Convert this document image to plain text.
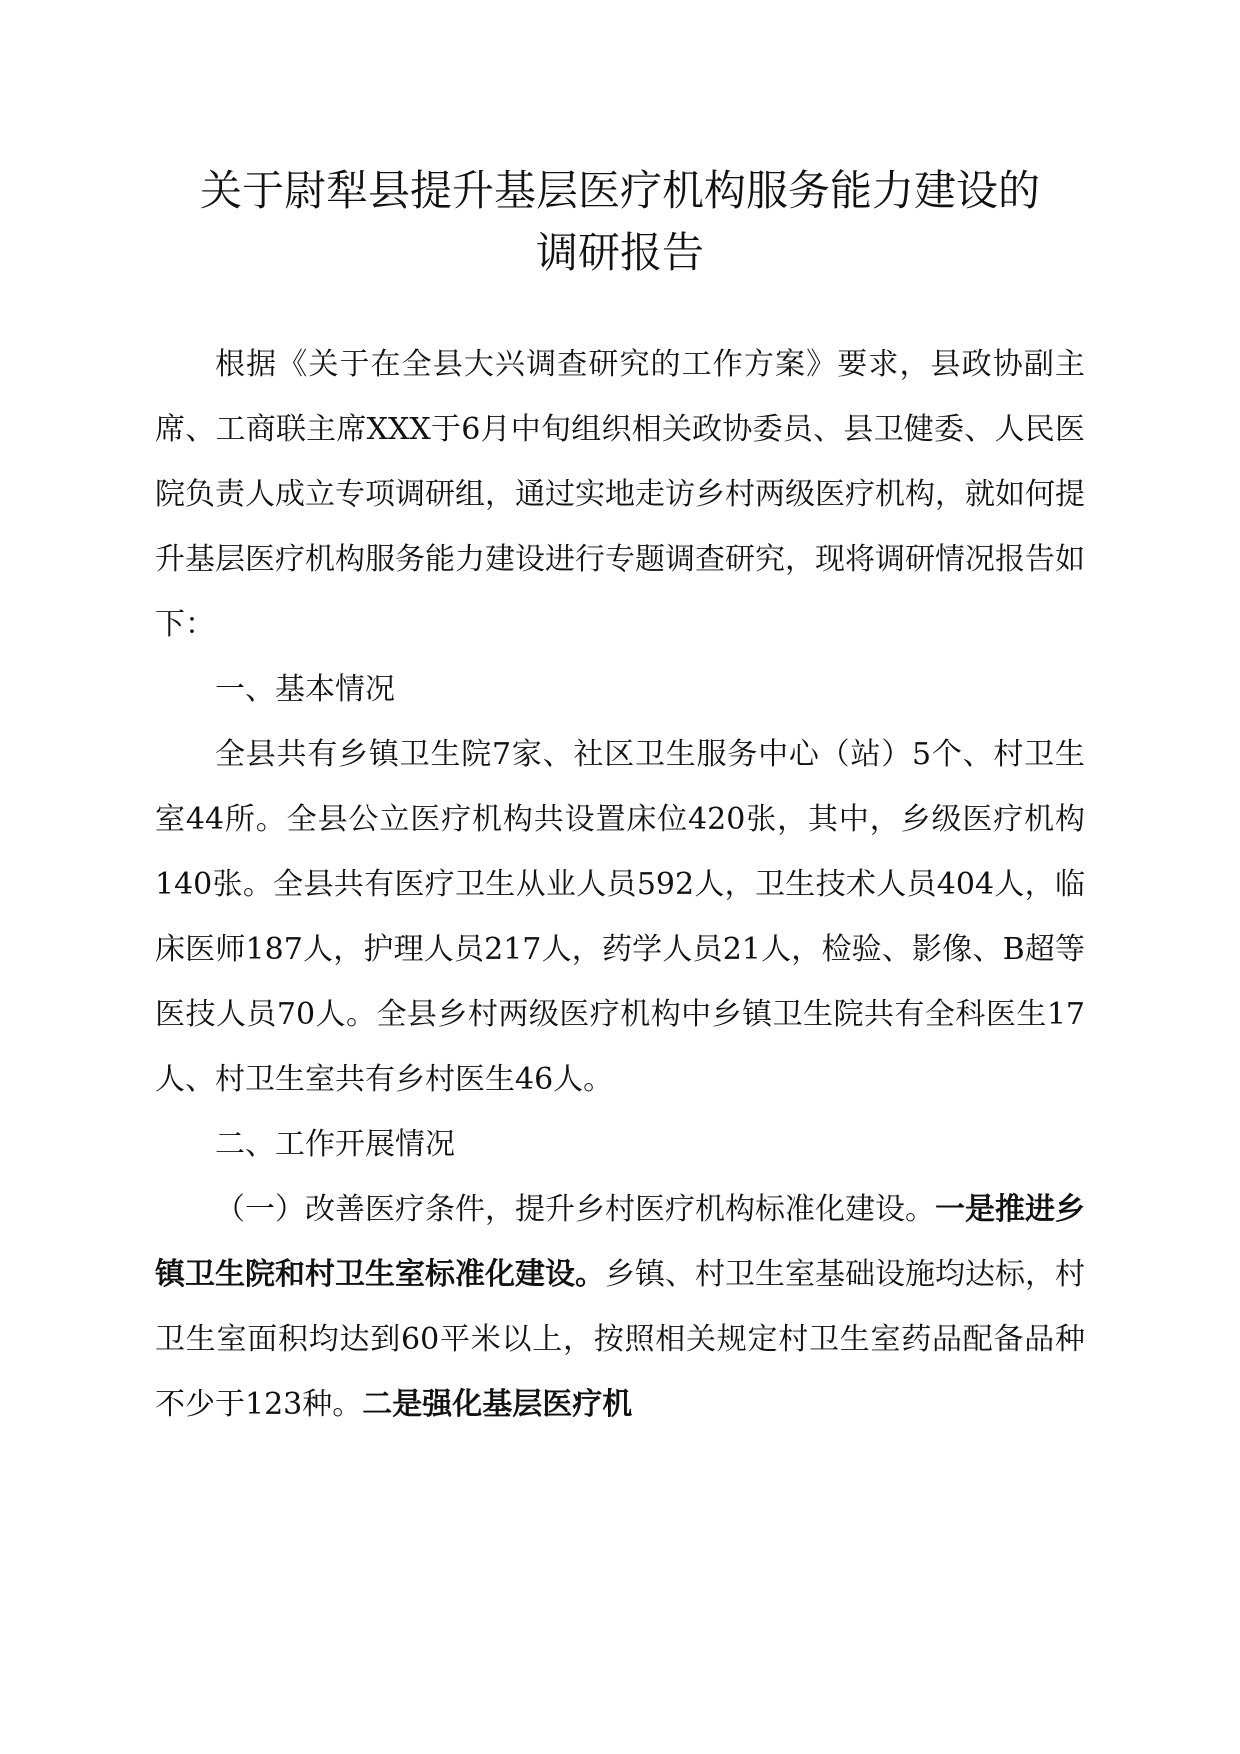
关于尉犁县提升基层医疗机构服务能力建设的
调研报告

根据《关于在全县大兴调查研究的工作方案》要求，县政协副主席、工商联主席XXX于6月中旬组织相关政协委员、县卫健委、人民医院负责人成立专项调研组，通过实地走访乡村两级医疗机构，就如何提升基层医疗机构服务能力建设进行专题调查研究，现将调研情况报告如下：

一、基本情况

全县共有乡镇卫生院7家、社区卫生服务中心（站）5个、村卫生室44所。全县公立医疗机构共设置床位420张，其中，乡级医疗机构140张。全县共有医疗卫生从业人员592人，卫生技术人员404人，临床医师187人，护理人员217人，药学人员21人，检验、影像、B超等医技人员70人。全县乡村两级医疗机构中乡镇卫生院共有全科医生17人、村卫生室共有乡村医生46人。

二、工作开展情况

（一）改善医疗条件，提升乡村医疗机构标准化建设。一是推进乡镇卫生院和村卫生室标准化建设。乡镇、村卫生室基础设施均达标，村卫生室面积均达到60平米以上，按照相关规定村卫生室药品配备品种不少于123种。二是强化基层医疗机
